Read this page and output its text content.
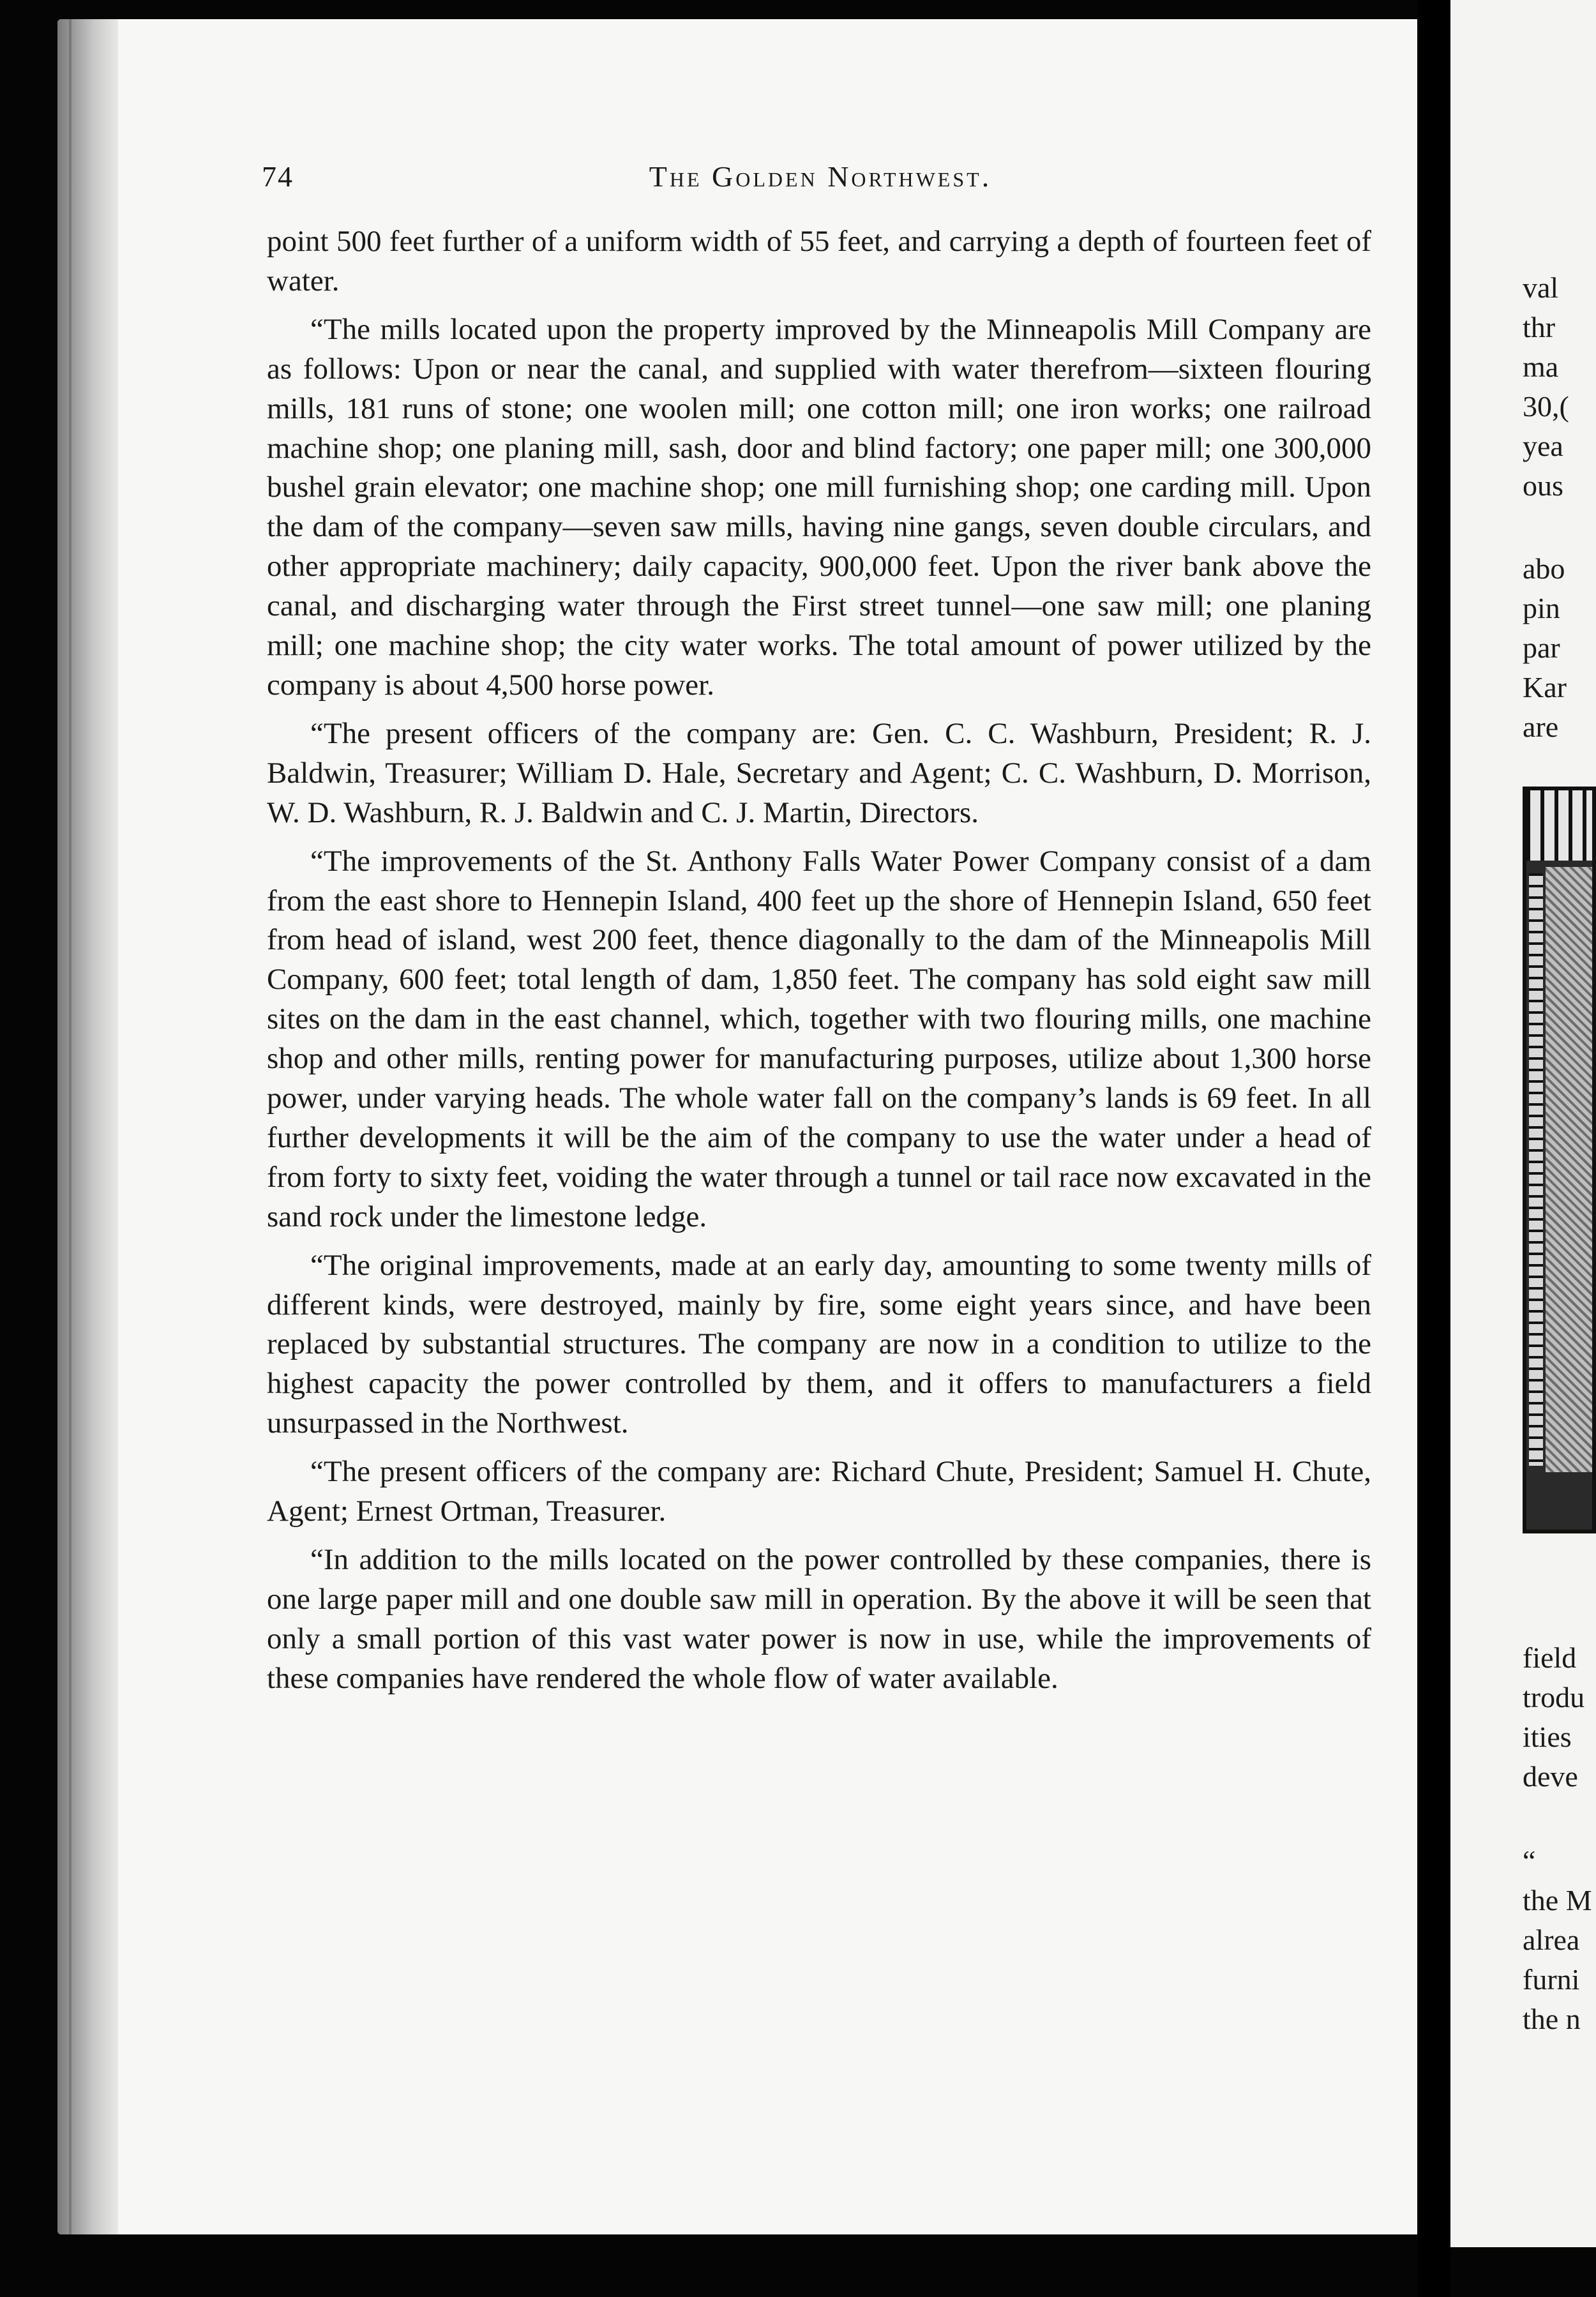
74	The Golden Northwest.

point 500 feet further of a uniform width of 55 feet, and carrying a depth of fourteen feet of water.

“The mills located upon the property improved by the Minneapolis Mill Company are as follows: Upon or near the canal, and supplied with water therefrom—sixteen flouring mills, 181 runs of stone; one woolen mill; one cotton mill; one iron works; one railroad machine shop; one planing mill, sash, door and blind factory; one paper mill; one 300,000 bushel grain elevator; one machine shop; one mill furnishing shop; one carding mill. Upon the dam of the company—seven saw mills, having nine gangs, seven double circulars, and other appropriate machinery; daily capacity, 900,000 feet. Upon the river bank above the canal, and discharging water through the First street tunnel—one saw mill; one planing mill; one machine shop; the city water works. The total amount of power utilized by the company is about 4,500 horse power.

“The present officers of the company are: Gen. C. C. Washburn, President; R. J. Baldwin, Treasurer; William D. Hale, Secretary and Agent; C. C. Washburn, D. Morrison, W. D. Washburn, R. J. Baldwin and C. J. Martin, Directors.

“The improvements of the St. Anthony Falls Water Power Company consist of a dam from the east shore to Hennepin Island, 400 feet up the shore of Hennepin Island, 650 feet from head of island, west 200 feet, thence diagonally to the dam of the Minneapolis Mill Company, 600 feet; total length of dam, 1,850 feet. The company has sold eight saw mill sites on the dam in the east channel, which, together with two flouring mills, one machine shop and other mills, renting power for manufacturing purposes, utilize about 1,300 horse power, under varying heads. The whole water fall on the company’s lands is 69 feet. In all further developments it will be the aim of the company to use the water under a head of from forty to sixty feet, voiding the water through a tunnel or tail race now excavated in the sand rock under the limestone ledge.

“The original improvements, made at an early day, amounting to some twenty mills of different kinds, were destroyed, mainly by fire, some eight years since, and have been replaced by substantial structures. The company are now in a condition to utilize to the highest capacity the power controlled by them, and it offers to manufacturers a field unsurpassed in the Northwest.

“The present officers of the company are: Richard Chute, President; Samuel H. Chute, Agent; Ernest Ortman, Treasurer.

“In addition to the mills located on the power controlled by these companies, there is one large paper mill and one double saw mill in operation. By the above it will be seen that only a small portion of this vast water power is now in use, while the improvements of these companies have rendered the whole flow of water available.

val
thr
ma
30,(
yea
ous
abo
pin
par
Kar
are
field
trodu
ities
deve
“
the M
alrea
furni
the n
